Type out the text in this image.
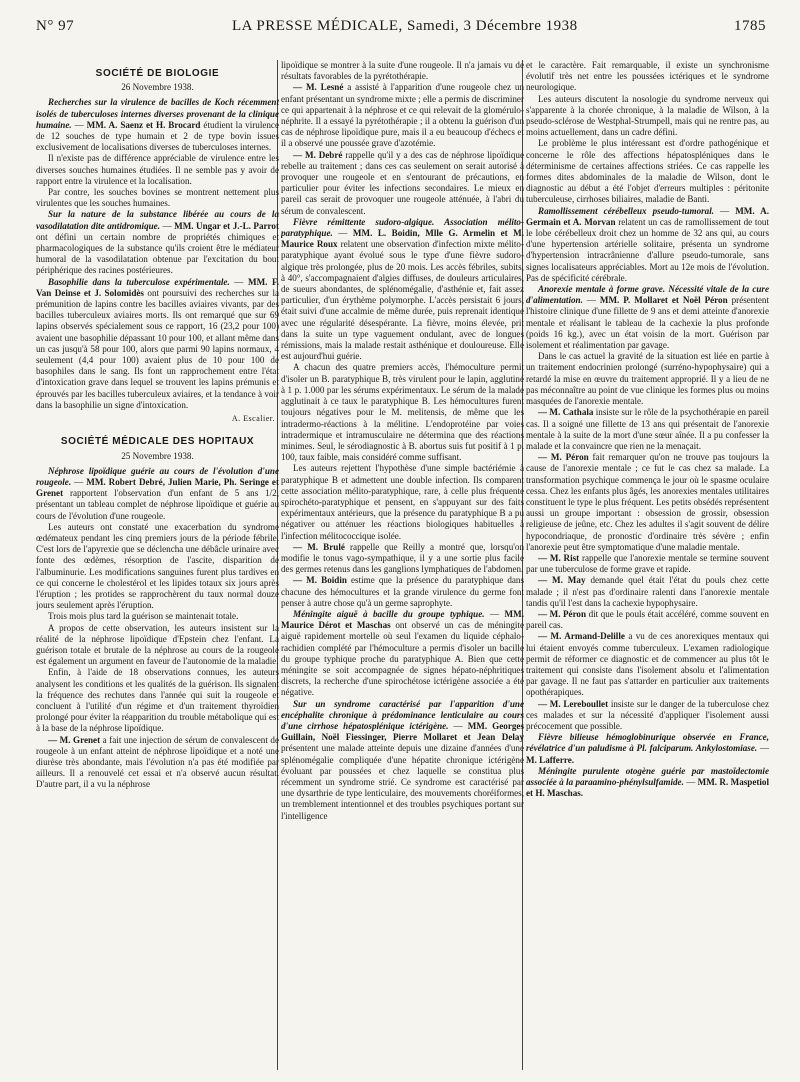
N° 97	LA PRESSE MÉDICALE, Samedi, 3 Décembre 1938	1785
SOCIÉTÉ DE BIOLOGIE
26 Novembre 1938.

Recherches sur la virulence de bacilles de Koch récemment isolés de tuberculoses internes diverses provenant de la clinique humaine. — MM. A. Saenz et H. Brocard étudient la virulence de 12 souches de type humain et 2 de type bovin issues exclusivement de localisations diverses de tuberculoses internes.

Il n'existe pas de différence appréciable de virulence entre les diverses souches humaines étudiées. Il ne semble pas y avoir de rapport entre la virulence et la localisation.

Par contre, les souches bovines se montrent nettement plus virulentes que les souches humaines.

Sur la nature de la substance libérée au cours de la vasodilatation dite antidromique. — MM. Ungar et J.-L. Parrot ont défini un certain nombre de propriétés chimiques et pharmacologiques de la substance qu'ils croient être le médiateur humoral de la vasodilatation obtenue par l'excitation du bout périphérique des racines postérieures.

Basophilie dans la tuberculose expérimentale. — MM. F. Van Deinse et J. Solomidès ont poursuivi des recherches sur la prémunition de lapins contre les bacilles aviaires vivants, par des bacilles tuberculeux aviaires morts. Ils ont remarqué que sur 69 lapins observés spécialement sous ce rapport, 16 (23,2 pour 100) avaient une basophilie dépassant 10 pour 100, et allant même dans un cas jusqu'à 58 pour 100, alors que parmi 90 lapins normaux, 4 seulement (4,4 pour 100) avaient plus de 10 pour 100 de basophiles dans le sang. Ils font un rapprochement entre l'état d'intoxication grave dans lequel se trouvent les lapins prémunis et éprouvés par les bacilles tuberculeux aviaires, et la tendance à voir dans la basophilie un signe d'intoxication.

A. Escalier.
SOCIÉTÉ MÉDICALE DES HOPITAUX
25 Novembre 1938.

Néphrose lipoïdique guérie au cours de l'évolution d'une rougeole. — MM. Robert Debré, Julien Marie, Ph. Seringe et Grenet rapportent l'observation d'un enfant de 5 ans 1/2, présentant un tableau complet de néphrose lipoïdique et guérie au cours de l'évolution d'une rougeole.

Les auteurs ont constaté une exacerbation du syndrome œdémateux pendant les cinq premiers jours de la période fébrile. C'est lors de l'apyrexie que se déclencha une débâcle urinaire avec fonte des œdèmes, résorption de l'ascite, disparition de l'albuminurie. Les modifications sanguines furent plus tardives en ce qui concerne le cholestérol et les lipides totaux six jours après l'éruption ; les protides se rapprochèrent du taux normal douze jours seulement après l'éruption.

Trois mois plus tard la guérison se maintenait totale.

A propos de cette observation, les auteurs insistent sur la réalité de la néphrose lipoïdique d'Epstein chez l'enfant. La guérison totale et brutale de la néphrose au cours de la rougeole est également un argument en faveur de l'autonomie de la maladie.

Enfin, à l'aide de 18 observations connues, les auteurs analysent les conditions et les qualités de la guérison. Ils signalent la fréquence des rechutes dans l'année qui suit la rougeole et concluent à l'utilité d'un régime et d'un traitement thyroïdien prolongé pour éviter la réapparition du trouble métabolique qui est à la base de la néphrose lipoïdique.

— M. Grenet a fait une injection de sérum de convalescent de rougeole à un enfant atteint de néphrose lipoïdique et a noté une diurèse très abondante, mais l'évolution n'a pas été modifiée par ailleurs. Il a renouvelé cet essai et n'a observé aucun résultat. D'autre part, il a vu la néphrose

lipoïdique se montrer à la suite d'une rougeole. Il n'a jamais vu de résultats favorables de la pyrétothérapie.

— M. Lesné a assisté à l'apparition d'une rougeole chez un enfant présentant un syndrome mixte ; elle a permis de discriminer ce qui appartenait à la néphrose et ce qui relevait de la glomérulo-néphrite. Il a essayé la pyrétothérapie ; il a obtenu la guérison d'un cas de néphrose lipoïdique pure, mais il a eu beaucoup d'échecs et il a observé une poussée grave d'azotémie.

— M. Debré rappelle qu'il y a des cas de néphrose lipoïdique rebelle au traitement ; dans ces cas seulement on serait autorisé à provoquer une rougeole et en s'entourant de précautions, en particulier pour éviter les infections secondaires. Le mieux en pareil cas serait de provoquer une rougeole atténuée, à l'abri du sérum de convalescent.

Fièvre rémittente sudoro-algique. Association mélito-paratyphique. — MM. L. Boidin, Mlle G. Armelin et M. Maurice Roux relatent une observation d'infection mixte mélito-paratyphique ayant évolué sous le type d'une fièvre sudoro-algique très prolongée, plus de 20 mois. Les accès fébriles, subits, à 40°, s'accompagnaient d'algies diffuses, de douleurs articulaires, de sueurs abondantes, de splénomégalie, d'asthénie et, fait assez particulier, d'un érythème polymorphe. L'accès persistait 6 jours, était suivi d'une accalmie de même durée, puis reprenait identique avec une régularité désespérante. La fièvre, moins élevée, prit dans la suite un type vaguement ondulant, avec de longues rémissions, mais la malade restait asthénique et douloureuse. Elle est aujourd'hui guérie.

A chacun des quatre premiers accès, l'hémoculture permit d'isoler un B. paratyphique B, très virulent pour le lapin, agglutiné à 1 p. 1.000 par les sérums expérimentaux. Le sérum de la malade agglutinait à ce taux le paratyphique B. Les hémocultures furent toujours négatives pour le M. melitensis, de même que les intradermo-réactions à la mélitine. L'endoprotéine par voies intradermique et intramusculaire ne détermina que des réactions minimes. Seul, le sérodiagnostic à B. abortus suis fut positif à 1 p. 100, taux faible, mais considéré comme suffisant.

Les auteurs rejettent l'hypothèse d'une simple bactériémie à paratyphique B et admettent une double infection. Ils comparent cette association mélito-paratyphique, rare, à celle plus fréquente spirochéto-paratyphique et pensent, en s'appuyant sur des faits expérimentaux antérieurs, que la présence du paratyphique B a pu négativer ou atténuer les réactions biologiques habituelles à l'infection mélitococcique isolée.

— M. Brulé rappelle que Reilly a montré que, lorsqu'on modifie le tonus vago-sympathique, il y a une sortie plus facile des germes retenus dans les ganglions lymphatiques de l'abdomen.

— M. Boidin estime que la présence du paratyphique dans chacune des hémocultures et la grande virulence du germe font penser à autre chose qu'à un germe saprophyte.

Méningite aiguë à bacille du groupe typhique. — MM. Maurice Dérot et Maschas ont observé un cas de méningite aiguë rapidement mortelle où seul l'examen du liquide céphalo-rachidien complété par l'hémoculture a permis d'isoler un bacille du groupe typhique proche du paratyphique A. Bien que cette méningite se soit accompagnée de signes hépato-néphritiques discrets, la recherche d'une spirochétose ictérigène associée a été négative.

Sur un syndrome caractérisé par l'apparition d'une encéphalite chronique à prédominance lenticulaire au cours d'une cirrhose hépatosplénique ictérigène. — MM. Georges Guillain, Noël Fiessinger, Pierre Mollaret et Jean Delay présentent une malade atteinte depuis une dizaine d'années d'une splénomégalie compliquée d'une hépatite chronique ictérigène évoluant par poussées et chez laquelle se constitua plus récemment un syndrome strié. Ce syndrome est caractérisé par une dysarthrie de type lenticulaire, des mouvements choréiformes, un tremblement intentionnel et des troubles psychiques portant sur l'intelligence

et le caractère. Fait remarquable, il existe un synchronisme évolutif très net entre les poussées ictériques et le syndrome neurologique.

Les auteurs discutent la nosologie du syndrome nerveux qui s'apparente à la chorée chronique, à la maladie de Wilson, à la pseudo-sclérose de Westphal-Strumpell, mais qui ne rentre pas, au moins actuellement, dans un cadre défini.

Le problème le plus intéressant est d'ordre pathogénique et concerne le rôle des affections hépatospléniques dans le déterminisme de certaines affections striées. Ce cas rappelle les formes dites abdominales de la maladie de Wilson, dont le diagnostic au début a été l'objet d'erreurs multiples : péritonite tuberculeuse, cirrhoses biliaires, maladie de Banti.

Ramollissement cérébelleux pseudo-tumoral. — MM. A. Germain et A. Morvan relatent un cas de ramollissement de tout le lobe cérébelleux droit chez un homme de 32 ans qui, au cours d'une hypertension artérielle solitaire, présenta un syndrome d'hypertension intracrânienne d'allure pseudo-tumorale, sans signes localisateurs appréciables. Mort au 12e mois de l'évolution. Pas de spécificité cérébrale.

Anorexie mentale à forme grave. Nécessité vitale de la cure d'alimentation. — MM. P. Mollaret et Noël Péron présentent l'histoire clinique d'une fillette de 9 ans et demi atteinte d'anorexie mentale et réalisant le tableau de la cachexie la plus profonde (poids 16 kg.), avec un état voisin de la mort. Guérison par isolement et réalimentation par gavage.

Dans le cas actuel la gravité de la situation est liée en partie à un traitement endocrinien prolongé (surréno-hypophysaire) qui a retardé la mise en œuvre du traitement approprié. Il y a lieu de ne pas méconnaître au point de vue clinique les formes plus ou moins masquées de l'anorexie mentale.

— M. Cathala insiste sur le rôle de la psychothérapie en pareil cas. Il a soigné une fillette de 13 ans qui présentait de l'anorexie mentale à la suite de la mort d'une sœur aînée. Il a pu confesser la malade et la convaincre que rien ne la menaçait.

— M. Péron fait remarquer qu'on ne trouve pas toujours la cause de l'anorexie mentale ; ce fut le cas chez sa malade. La transformation psychique commença le jour où le spasme oculaire cessa. Chez les enfants plus âgés, les anorexies mentales utilitaires constituent le type le plus fréquent. Les petits obsédés représentent aussi un groupe important : obsession de grossir, obsession religieuse de jeûne, etc. Chez les adultes il s'agit souvent de délire hypocondriaque, de pronostic d'ordinaire très sévère ; enfin l'anorexie peut être symptomatique d'une maladie mentale.

— M. Rist rappelle que l'anorexie mentale se termine souvent par une tuberculose de forme grave et rapide.

— M. May demande quel était l'état du pouls chez cette malade ; il n'est pas d'ordinaire ralenti dans l'anorexie mentale tandis qu'il l'est dans la cachexie hypophysaire.

— M. Péron dit que le pouls était accéléré, comme souvent en pareil cas.

— M. Armand-Delille a vu de ces anorexiques mentaux qui lui étaient envoyés comme tuberculeux. L'examen radiologique permit de réformer ce diagnostic et de commencer au plus tôt le traitement qui consiste dans l'isolement absolu et l'alimentation par gavage. Il ne faut pas s'attarder en particulier aux traitements opothérapiques.

— M. Lereboullet insiste sur le danger de la tuberculose chez ces malades et sur la nécessité d'appliquer l'isolement aussi précocement que possible.

Fièvre bilieuse hémoglobinurique observée en France, révélatrice d'un paludisme à Pl. falciparum. Ankylostomiase. — M. Lafferre.

Méningite purulente otogène guérie par mastoïdectomie associée à la paraamino-phénylsulfamide. — MM. R. Maspetiol et H. Maschas.
